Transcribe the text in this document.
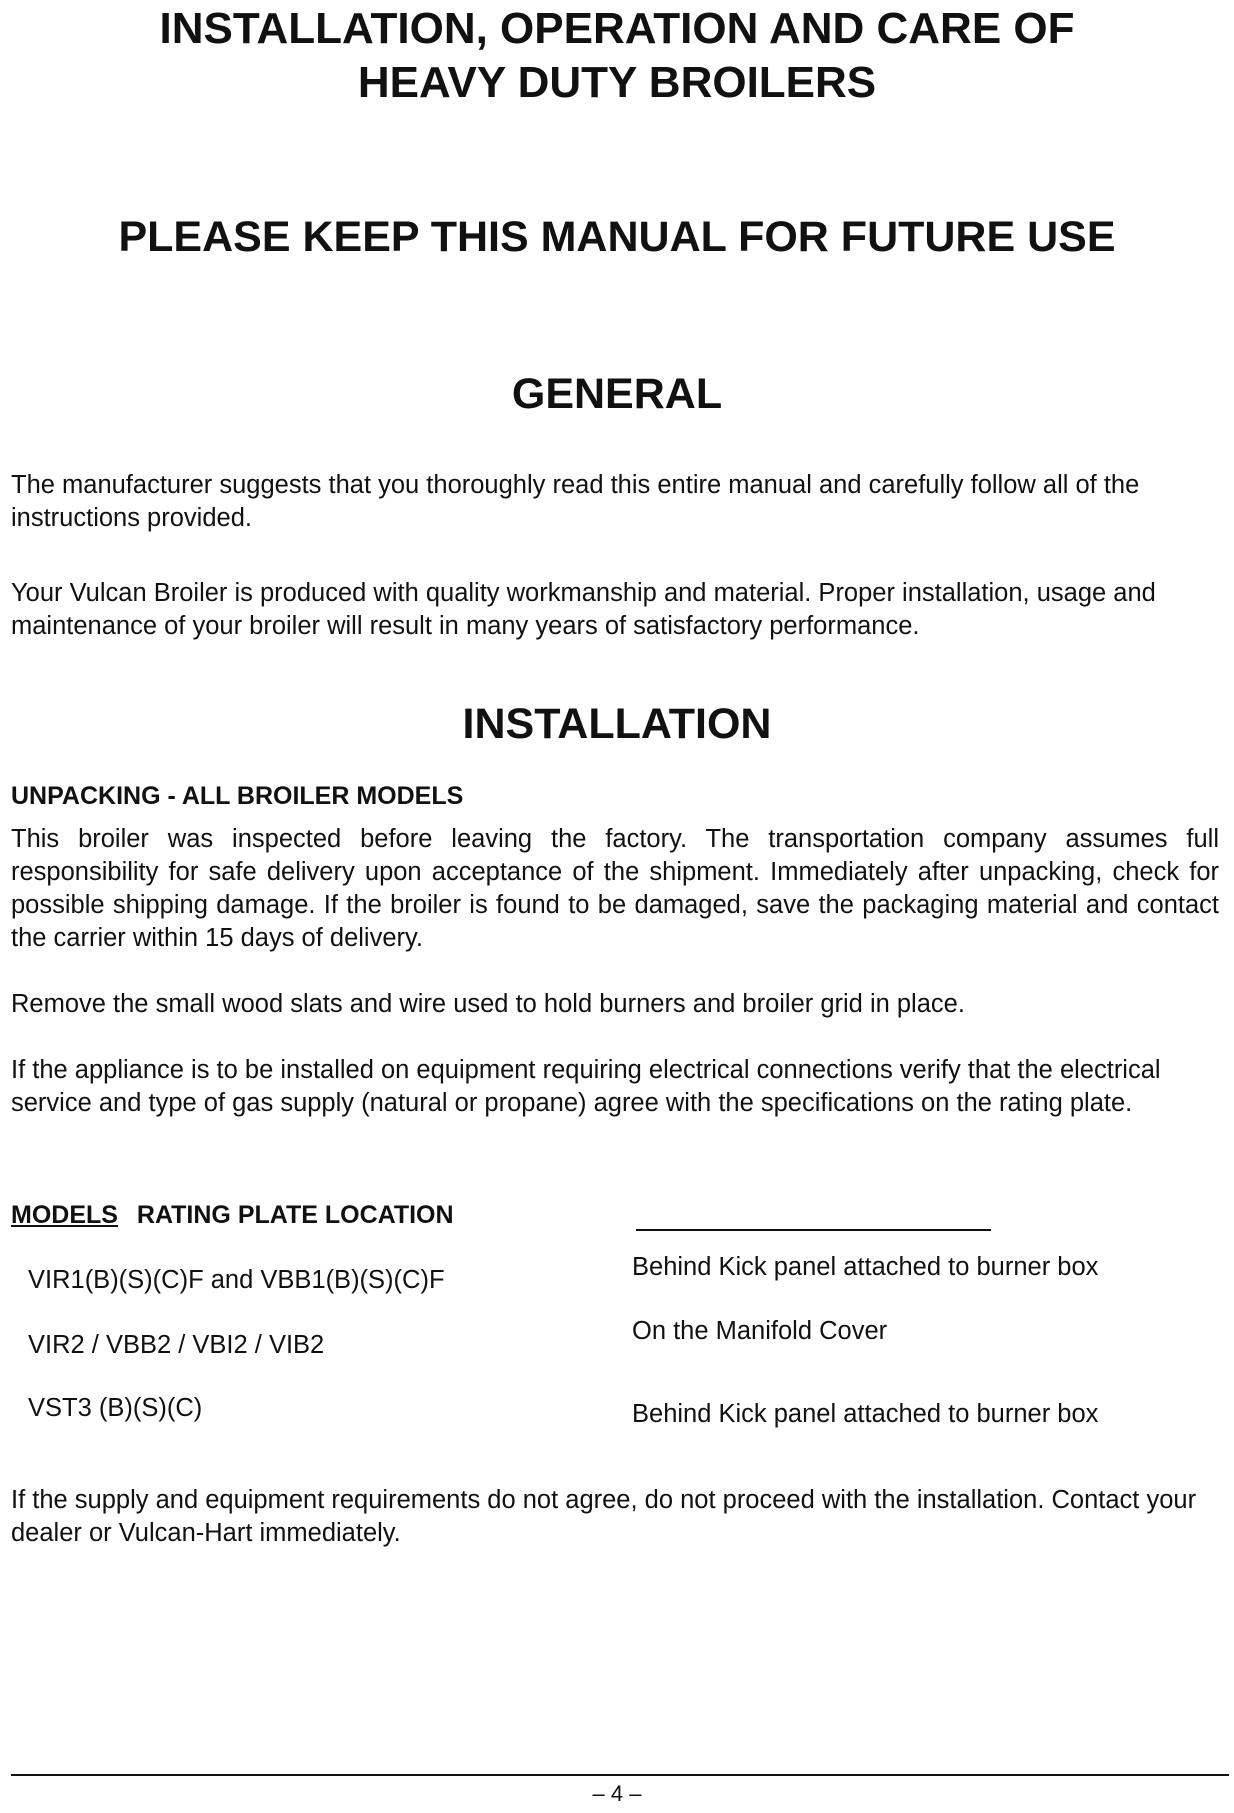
INSTALLATION, OPERATION AND CARE OF
HEAVY DUTY BROILERS
PLEASE KEEP THIS MANUAL FOR FUTURE USE
GENERAL

The manufacturer suggests that you thoroughly read this entire manual and carefully follow all of the instructions provided.

Your Vulcan Broiler is produced with quality workmanship and material. Proper installation, usage and maintenance of your broiler will result in many years of satisfactory performance.

INSTALLATION
UNPACKING - ALL BROILER MODELS

This broiler was inspected before leaving the factory. The transportation company assumes full responsibility for safe delivery upon acceptance of the shipment. Immediately after unpacking, check for possible shipping damage. If the broiler is found to be damaged, save the packaging material and contact the carrier within 15 days of delivery.

Remove the small wood slats and wire used to hold burners and broiler grid in place.

If the appliance is to be installed on equipment requiring electrical connections verify that the electrical service and type of gas supply (natural or propane) agree with the specifications on the rating plate.

MODELS RATING PLATE LOCATION
VIR1(B)(S)(C)F and VBB1(B)(S)(C)F	Behind Kick panel attached to burner box
VIR2 / VBB2 / VBI2 / VIB2	On the Manifold Cover
VST3 (B)(S)(C)	Behind Kick panel attached to burner box

If the supply and equipment requirements do not agree, do not proceed with the installation. Contact your dealer or Vulcan-Hart immediately.

– 4 –
